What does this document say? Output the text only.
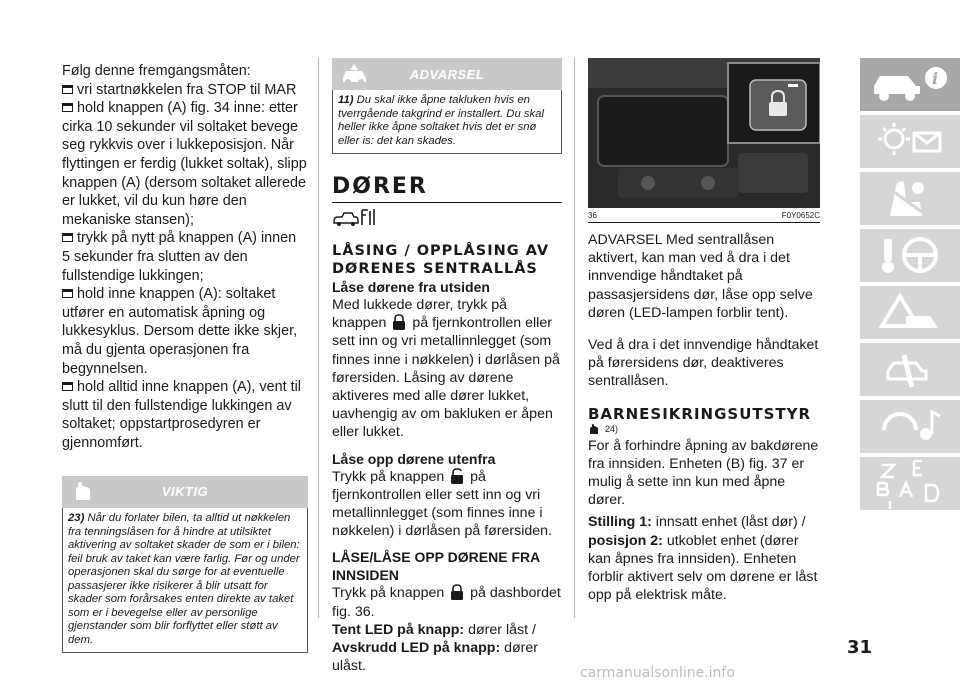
Følg denne fremgangsmåten:

vri startnøkkelen fra STOP til MAR

hold knappen (A) fig. 34 inne: etter cirka 10 sekunder vil soltaket bevege seg rykkvis over i lukkeposisjon. Når flyttingen er ferdig (lukket soltak), slipp knappen (A) (dersom soltaket allerede er lukket, vil du kun høre den mekaniske stansen);

trykk på nytt på knappen (A) innen 5 sekunder fra slutten av den fullstendige lukkingen;

hold inne knappen (A): soltaket utfører en automatisk åpning og lukkesyklus. Dersom dette ikke skjer, må du gjenta operasjonen fra begynnelsen.

hold alltid inne knappen (A), vent til slutt til den fullstendige lukkingen av soltaket; oppstartprosedyren er gjennomført.

VIKTIG
23) Når du forlater bilen, ta alltid ut nøkkelen fra tenningslåsen for å hindre at utilsiktet aktivering av soltaket skader de som er i bilen: feil bruk av taket kan være farlig. Før og under operasjonen skal du sørge for at eventuelle passasjerer ikke risikerer å blir utsatt for skader som forårsakes enten direkte av taket som er i bevegelse eller av personlige gjenstander som blir forflyttet eller støtt av dem.
ADVARSEL
11) Du skal ikke åpne takluken hvis en tverrgående takgrind er installert. Du skal heller ikke åpne soltaket hvis det er snø eller is: det kan skades.
DØRER
LÅSING / OPPLÅSING AV DØRENES SENTRALLÅS
Låse dørene fra utsiden

Med lukkede dører, trykk på knappen på fjernkontrollen eller sett inn og vri metallinnlegget (som finnes inne i nøkkelen) i dørlåsen på førersiden. Låsing av dørene aktiveres med alle dører lukket, uavhengig av om bakluken er åpen eller lukket.

Låse opp dørene utenfra

Trykk på knappen på fjernkontrollen eller sett inn og vri metallinnlegget (som finnes inne i nøkkelen) i dørlåsen på førersiden.

LÅSE/LÅSE OPP DØRENE FRA INNSIDEN

Trykk på knappen på dashbordet fig. 36.

Tent LED på knapp: dører låst /

Avskrudd LED på knapp: dører ulåst.

36	F0Y0652C

ADVARSEL Med sentrallåsen aktivert, kan man ved å dra i det innvendige håndtaket på passasjersidens dør, låse opp selve døren (LED-lampen forblir tent).

Ved å dra i det innvendige håndtaket på førersidens dør, deaktiveres sentrallåsen.

BARNESIKRINGSUTSTYR
24)

For å forhindre åpning av bakdørene fra innsiden. Enheten (B) fig. 37 er mulig å sette inn kun med åpne dører.

Stilling 1: innsatt enhet (låst dør) / posisjon 2: utkoblet enhet (dører kan åpnes fra innsiden). Enheten forblir aktivert selv om dørene er låst opp på elektrisk måte.

i
31
carmanualsonline.info
